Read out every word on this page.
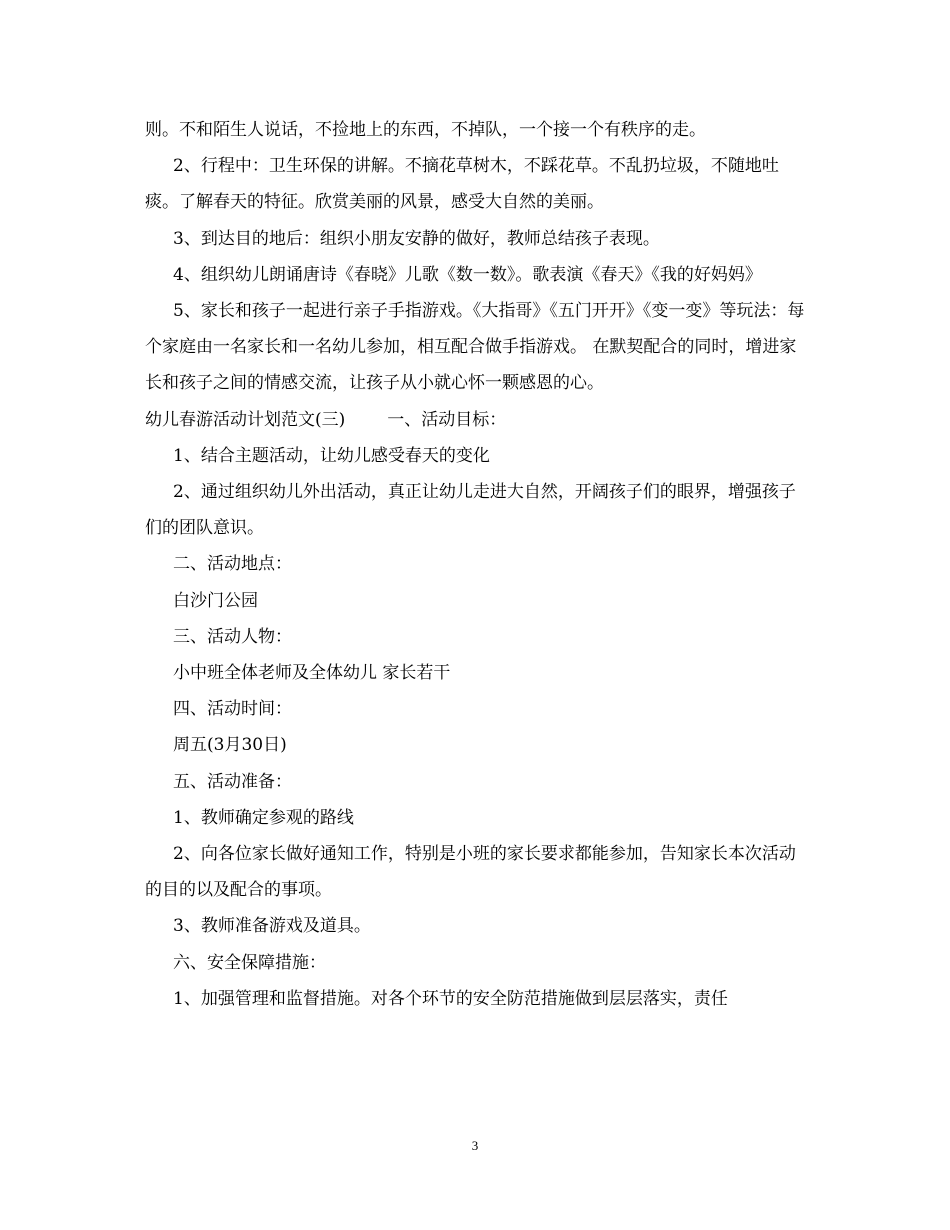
则。不和陌生人说话，不捡地上的东西，不掉队，一个接一个有秩序的走。

2、行程中：卫生环保的讲解。不摘花草树木，不踩花草。不乱扔垃圾，不随地吐痰。了解春天的特征。欣赏美丽的风景，感受大自然的美丽。

3、到达目的地后：组织小朋友安静的做好，教师总结孩子表现。

4、组织幼儿朗诵唐诗《春晓》儿歌《数一数》。歌表演《春天》《我的好妈妈》

5、家长和孩子一起进行亲子手指游戏。《大指哥》《五门开开》《变一变》等玩法：每个家庭由一名家长和一名幼儿参加，相互配合做手指游戏。 在默契配合的同时，增进家长和孩子之间的情感交流，让孩子从小就心怀一颗感恩的心。

幼儿春游活动计划范文(三) 一、活动目标：

1、结合主题活动，让幼儿感受春天的变化

2、通过组织幼儿外出活动，真正让幼儿走进大自然，开阔孩子们的眼界，增强孩子们的团队意识。

二、活动地点：

白沙门公园

三、活动人物：

小中班全体老师及全体幼儿 家长若干

四、活动时间：

周五(3月30日)

五、活动准备：

1、教师确定参观的路线

2、向各位家长做好通知工作，特别是小班的家长要求都能参加，告知家长本次活动的目的以及配合的事项。

3、教师准备游戏及道具。

六、安全保障措施：

1、加强管理和监督措施。对各个环节的安全防范措施做到层层落实，责任

3
